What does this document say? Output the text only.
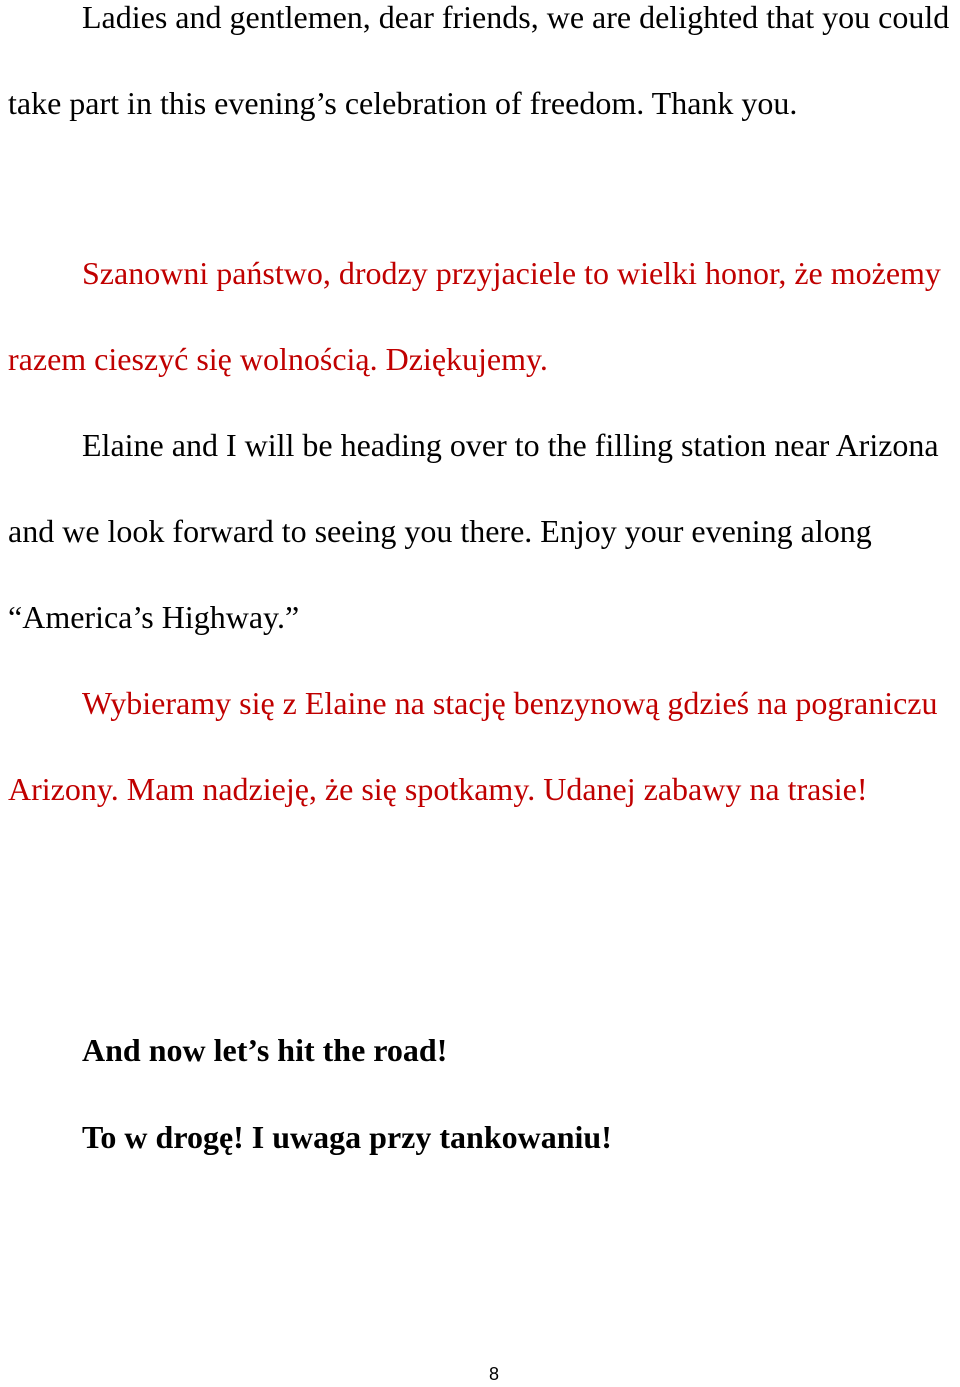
Ladies and gentlemen, dear friends, we are delighted that you could take part in this evening’s celebration of freedom. Thank you.

Szanowni państwo, drodzy przyjaciele to wielki honor, że możemy razem cieszyć się wolnością. Dziękujemy.

Elaine and I will be heading over to the filling station near Arizona and we look forward to seeing you there. Enjoy your evening along “America’s Highway.”

Wybieramy się z Elaine na stację benzynową gdzieś na pograniczu Arizony. Mam nadzieję, że się spotkamy. Udanej zabawy na trasie!

And now let’s hit the road!

To w drogę! I uwaga przy tankowaniu!

8
